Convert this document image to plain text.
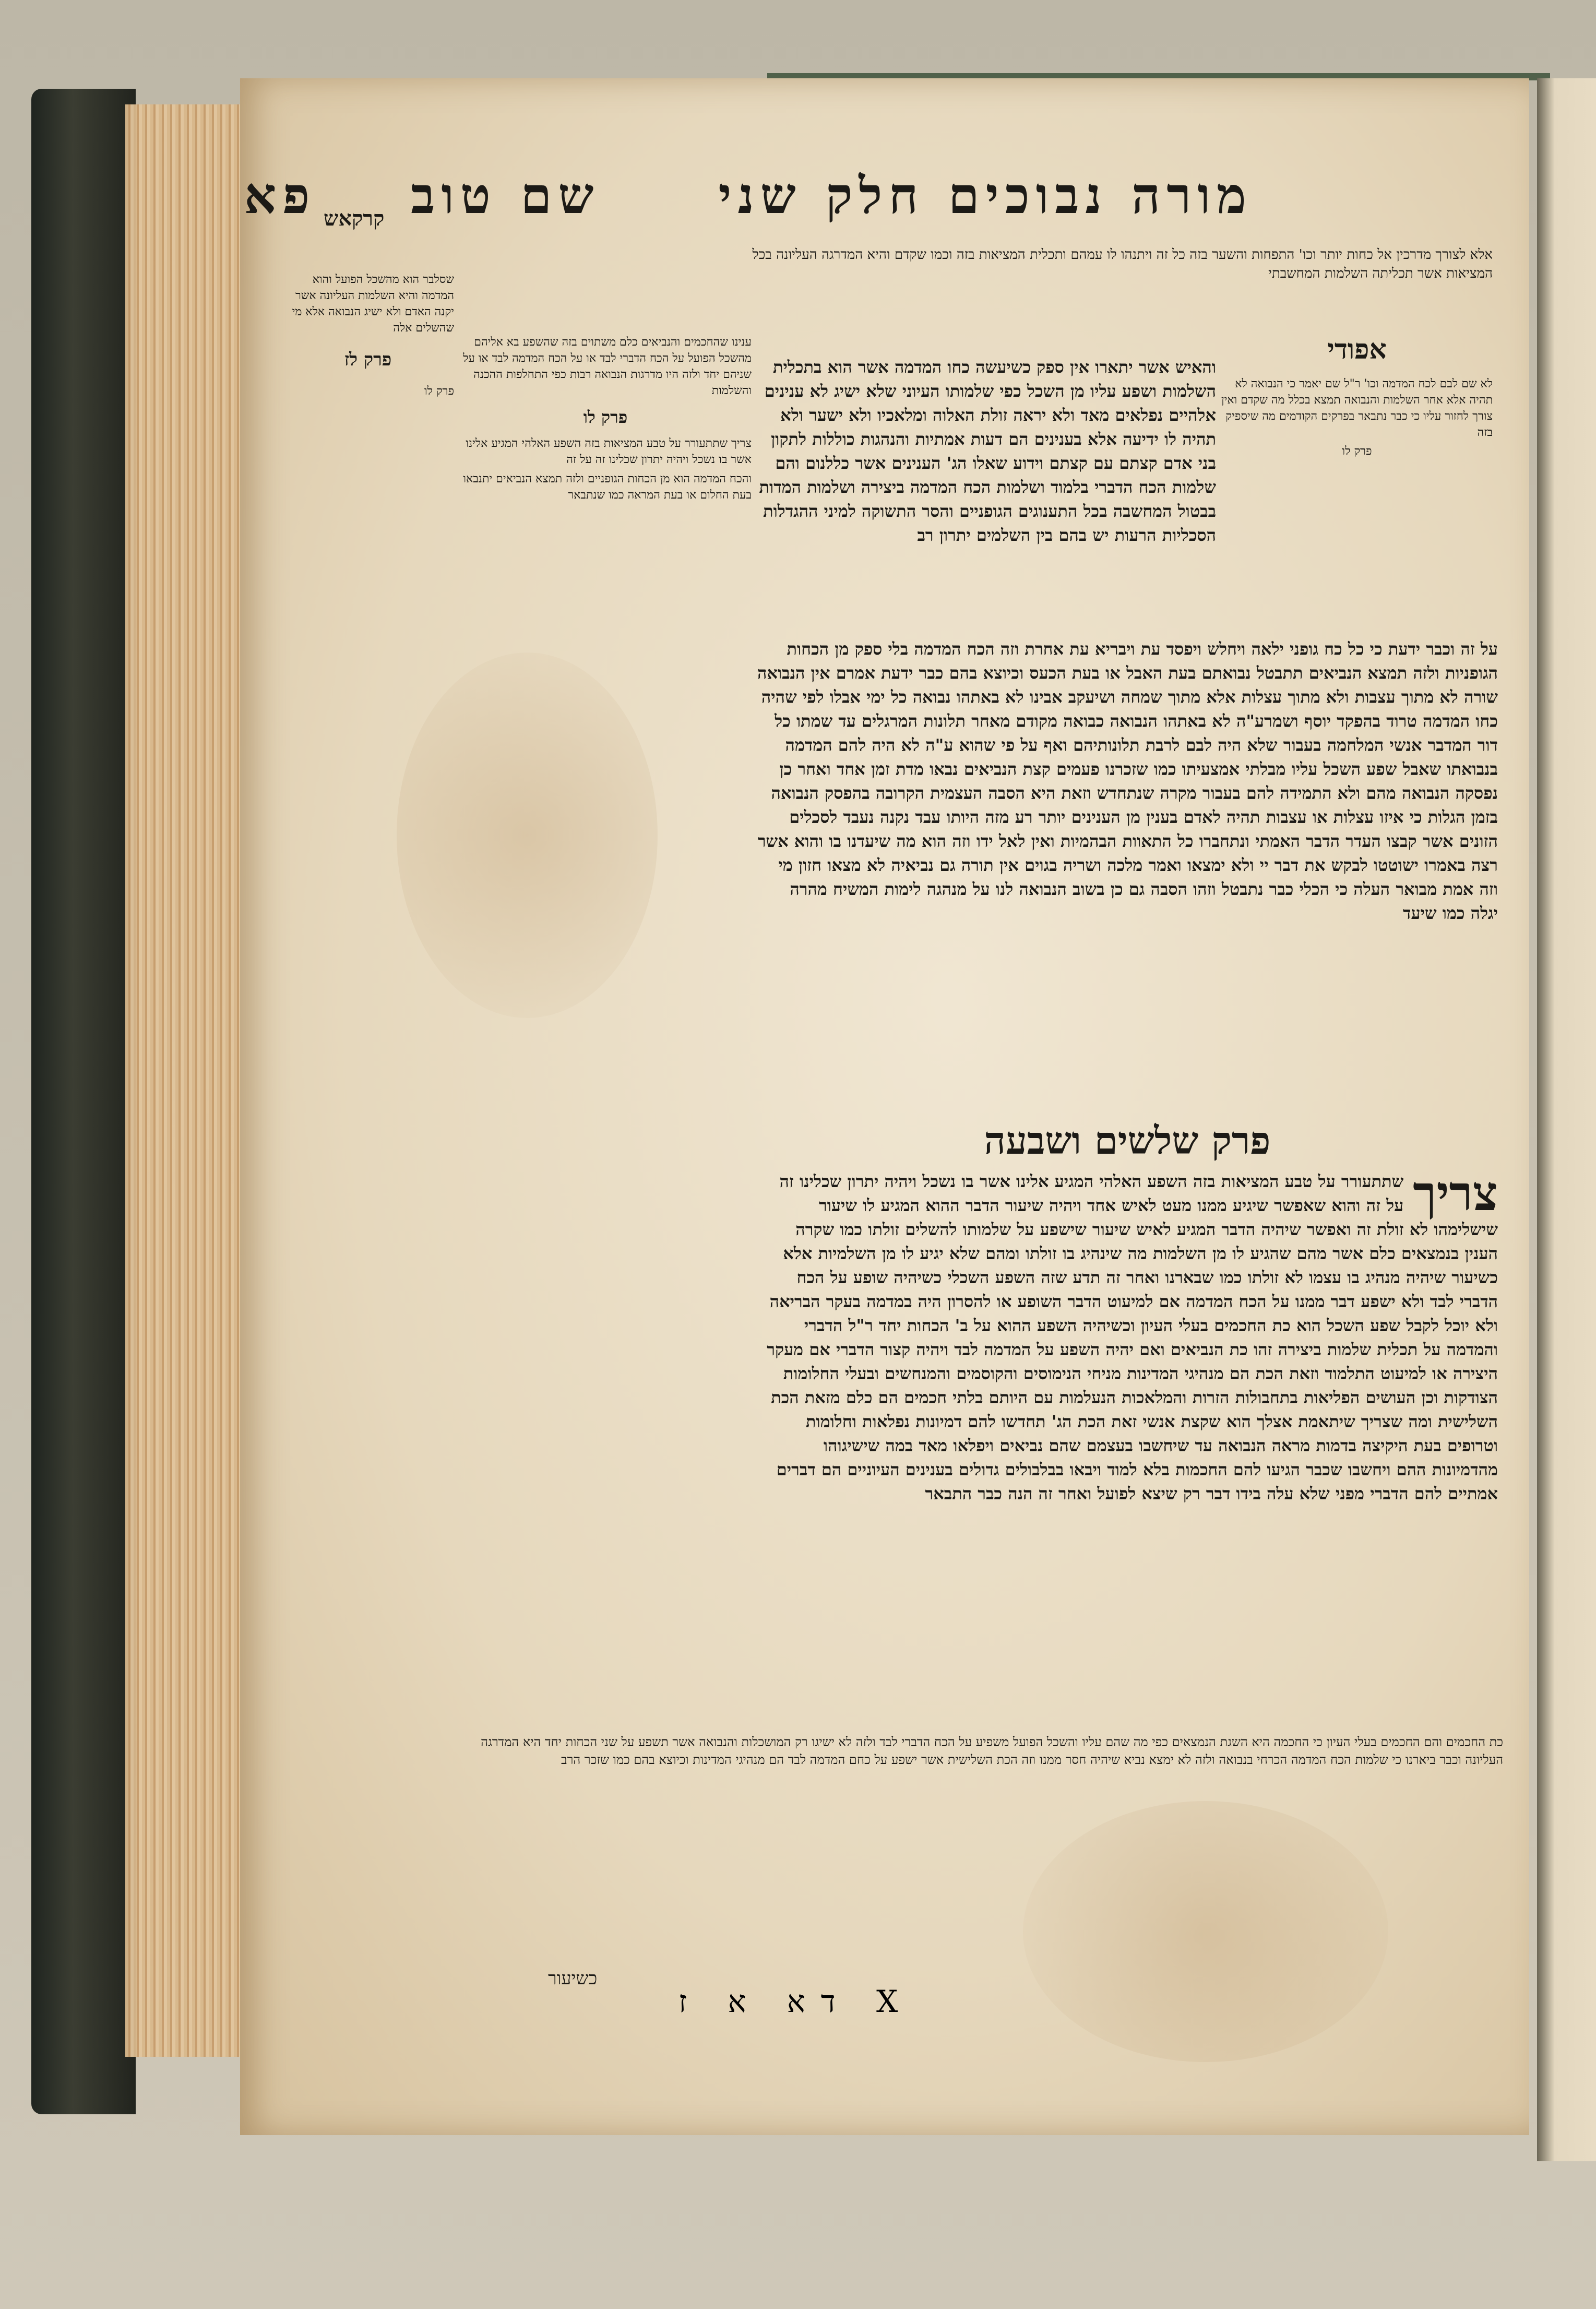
מורה נבוכים חלק שני     שם טוב    פא קרקאש
אלא לצורך מדרכין אל כחות יותר וכו' התפחות והשער בזה כל זה ויתנהו לו עמהם ותכלית המציאות בזה וכמו שקדם והיא המדרגה העליונה בכל המציאות אשר תכליתה השלמות המחשבתי

שסלבר הוא מהשכל הפועל והוא המדמה והיא השלמות העליונה אשר יקנה האדם ולא ישיג הנבואה אלא מי שהשלים אלה

פרק לז

פרק לו

ענינו שהחכמים והנביאים כלם משתוים בזה שהשפע בא אליהם מהשכל הפועל על הכח הדברי לבד או על הכח המדמה לבד או על שניהם יחד ולזה היו מדרגות הנבואה רבות כפי התחלפות ההכנה והשלמות

פרק לו

צריך שתתעורר על טבע המציאות בזה השפע האלהי המגיע אלינו אשר בו נשכל ויהיה יתרון שכלינו זה על זה

והכח המדמה הוא מן הכחות הגופניים ולזה תמצא הנביאים יתנבאו בעת החלום או בעת המראה כמו שנתבאר

והאיש אשר יתארו אין ספק כשיעשה כחו המדמה אשר הוא בתכלית השלמות ושפע עליו מן השכל כפי שלמותו העיוני שלא ישיג לא ענינים אלהיים נפלאים מאד ולא יראה זולת האלוה ומלאכיו ולא ישער ולא תהיה לו ידיעה אלא בענינים הם דעות אמתיות והנהגות כוללות לתקון בני אדם קצתם עם קצתם וידוע שאלו הג' הענינים אשר כללנום והם שלמות הכח הדברי בלמוד ושלמות הכח המדמה ביצירה ושלמות המדות בבטול המחשבה בכל התענוגים הגופניים והסר התשוקה למיני ההגדלות הסכליות הרעות יש בהם בין השלמים יתרון רב
אפודי

לא שם לבם לכח המדמה וכו' ר"ל שם יאמר כי הנבואה לא תהיה אלא אחר השלמות והנבואה תמצא בכלל מה שקדם ואין צורך לחזור עליו כי כבר נתבאר בפרקים הקודמים מה שיספיק בזה

פרק לו
על זה וכבר ידעת כי כל כח גופני ילאה ויחלש ויפסד עת ויבריא עת אחרת וזה הכח המדמה בלי ספק מן הכחות הגופניות ולזה תמצא הנביאים תתבטל נבואתם בעת האבל או בעת הכעס וכיוצא בהם כבר ידעת אמרם אין הנבואה שורה לא מתוך עצבות ולא מתוך עצלות אלא מתוך שמחה ושיעקב אבינו לא באתהו נבואה כל ימי אבלו לפי שהיה כחו המדמה טרוד בהפקד יוסף ושמרע"ה לא באתהו הנבואה כבואה מקודם מאחר תלונות המרגלים עד שמתו כל דור המדבר אנשי המלחמה בעבור שלא היה לבם לרבת תלונותיהם ואף על פי שהוא ע"ה לא היה להם המדמה בנבואתו שאבל שפע השכל עליו מבלתי אמצעיתו כמו שזכרנו פעמים קצת הנביאים נבאו מדת זמן אחד ואחר כן נפסקה הנבואה מהם ולא התמידה להם בעבור מקרה שנתחדש וזאת היא הסבה העצמית הקרובה בהפסק הנבואה בזמן הגלות כי איזו עצלות או עצבות תהיה לאדם בענין מן הענינים יותר רע מזה היותו עבד נקנה נעבד לסכלים הזונים אשר קבצו העדר הדבר האמתי ונתחברו כל התאוות הבהמיות ואין לאל ידו וזה הוא מה שיעדנו בו והוא אשר רצה באמרו ישוטטו לבקש את דבר יי ולא ימצאו ואמר מלכה ושריה בגוים אין תורה גם נביאיה לא מצאו חזון מי וזה אמת מבואר העלה כי הכלי כבר נתבטל וזהו הסבה גם כן בשוב הנבואה לנו על מנהגה לימות המשיח מהרה יגלה כמו שיעד
פרק שלשים ושבעה
צריך
שתתעורר על טבע המציאות בזה השפע האלהי המגיע אלינו אשר בו נשכל ויהיה יתרון שכלינו זה על זה והוא שאפשר שיגיע ממנו מעט לאיש אחד ויהיה שיעור הדבר ההוא המגיע לו שיעור שישלימהו לא זולת זה ואפשר שיהיה הדבר המגיע לאיש שיעור שישפע על שלמותו להשלים זולתו כמו שקרה הענין בנמצאים כלם אשר מהם שהגיע לו מן השלמות מה שינהיג בו זולתו ומהם שלא יגיע לו מן השלמיות אלא כשיעור שיהיה מנהיג בו עצמו לא זולתו כמו שבארנו ואחר זה תדע שזה השפע השכלי כשיהיה שופע על הכח הדברי לבד ולא ישפע דבר ממנו על הכח המדמה אם למיעוט הדבר השופע או להסרון היה במדמה בעקר הבריאה ולא יוכל לקבל שפע השכל הוא כת החכמים בעלי העיון וכשיהיה השפע ההוא על ב' הכחות יחד ר"ל הדברי והמדמה על תכלית שלמות ביצירה זהו כת הנביאים ואם יהיה השפע על המדמה לבד ויהיה קצור הדברי אם מעקר היצירה או למיעוט התלמוד וזאת הכת הם מנהיגי המדינות מניחי הנימוסים והקוסמים והמנחשים ובעלי החלומות הצודקות וכן העושים הפליאות בתחבולות הזרות והמלאכות הנעלמות עם היותם בלתי חכמים הם כלם מזאת הכת השלישית ומה שצריך שיתאמת אצלך הוא שקצת אנשי זאת הכת הג' תחדשו להם דמיונות נפלאות וחלומות וטרופים בעת היקיצה בדמות מראה הנבואה עד שיחשבו בעצמם שהם נביאים ויפלאו מאד במה שישיגוהו מהדמיונות ההם ויחשבו שכבר הגיעו להם החכמות בלא למוד ויבאו בבלבולים גדולים בענינים העיוניים הם דברים אמתיים להם הדברי מפני שלא עלה בידו דבר רק שיצא לפועל ואחר זה הנה כבר התבאר
כת החכמים והם החכמים בעלי העיון כי החכמה היא השגת הנמצאים כפי מה שהם עליו והשכל הפועל משפיע על הכח הדברי לבד ולזה לא ישיגו רק המושכלות והנבואה אשר תשפע על שני הכחות יחד היא המדרגה העליונה וכבר ביארנו כי שלמות הכח המדמה הכרחי בנבואה ולזה לא ימצא נביא שיהיה חסר ממנו וזה הכת השלישית אשר ישפע על כחם המדמה לבד הם מנהיגי המדינות וכיוצא בהם כמו שזכר הרב
כשיעור
דא א ז X
